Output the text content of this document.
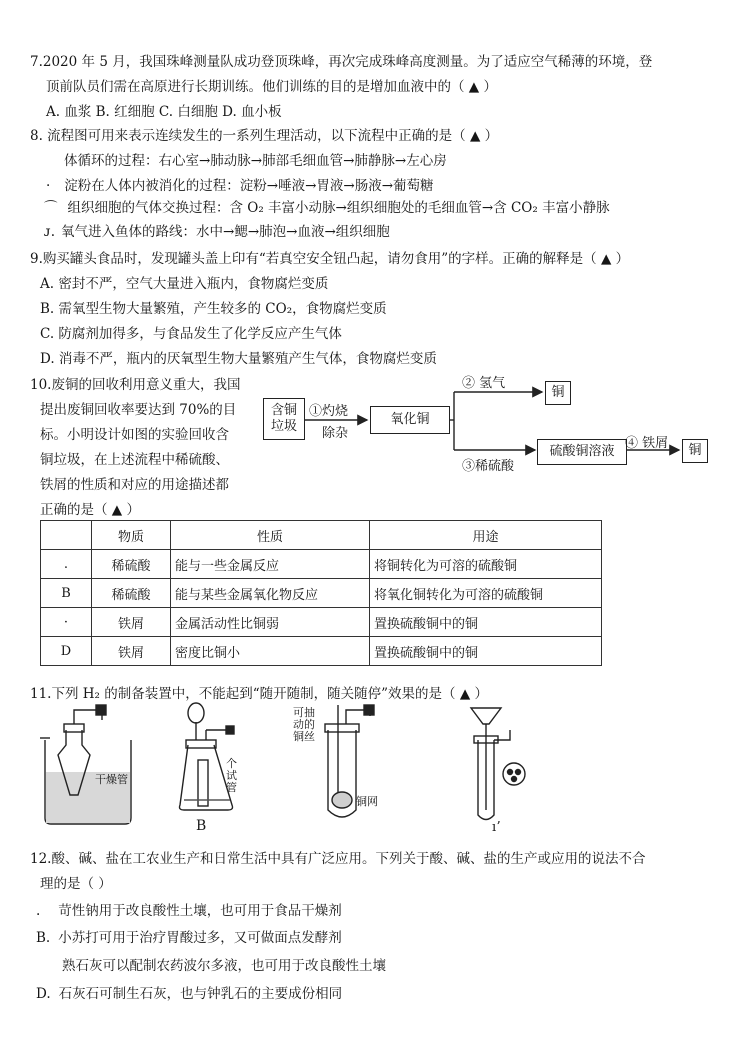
7.2020 年 5 月，我国珠峰测量队成功登顶珠峰，再次完成珠峰高度测量。为了适应空气稀薄的环境，登
顶前队员们需在高原进行长期训练。他们训练的目的是增加血液中的（ ▲ ）
A. 血浆 B. 红细胞 C. 白细胞 D. 血小板
8. 流程图可用来表示连续发生的一系列生理活动，以下流程中正确的是（ ▲ ）
体循环的过程：右心室→肺动脉→肺部毛细血管→肺静脉→左心房
· 淀粉在人体内被消化的过程：淀粉→唾液→胃液→肠液→葡萄糖
⌒ 组织细胞的气体交换过程：含 O₂ 丰富小动脉→组织细胞处的毛细血管→含 CO₂ 丰富小静脉
ᴊ. 氧气进入鱼体的路线：水中→鳃→肺泡→血液→组织细胞
9.购买罐头食品时，发现罐头盖上印有“若真空安全钮凸起，请勿食用”的字样。正确的解释是（ ▲ ）
A. 密封不严，空气大量进入瓶内，食物腐烂变质
B. 需氧型生物大量繁殖，产生较多的 CO₂，食物腐烂变质
C. 防腐剂加得多，与食品发生了化学反应产生气体
D. 消毒不严，瓶内的厌氧型生物大量繁殖产生气体，食物腐烂变质
10.废铜的回收利用意义重大，我国
提出废铜回收率要达到 70%的目
标。小明设计如图的实验回收含
铜垃圾，在上述流程中稀硫酸、
铁屑的性质和对应的用途描述都
正确的是（ ▲ ）
含铜
垃圾
①灼烧
除杂
氧化铜
② 氢气
铜
③稀硫酸
硫酸铜溶液
④ 铁屑	铜
	物质	性质	用途
.	稀硫酸	能与一些金属反应	将铜转化为可溶的硫酸铜
B	稀硫酸	能与某些金属氧化物反应	将氧化铜转化为可溶的硫酸铜
·	铁屑	金属活动性比铜弱	置换硫酸铜中的铜
D	铁屑	密度比铜小	置换硫酸铜中的铜
11.下列 H₂ 的制备装置中，不能起到“随开随制，随关随停”效果的是（ ▲ ）
干燥管
个
试
管
可抽
动的
铜丝
铜网
B	ıʼ
12.酸、碱、盐在工农业生产和日常生活中具有广泛应用。下列关于酸、碱、盐的生产或应用的说法不合
理的是（ ）
. 苛性钠用于改良酸性土壤，也可用于食品干燥剂
B. 小苏打可用于治疗胃酸过多，又可做面点发酵剂
熟石灰可以配制农药波尔多液，也可用于改良酸性土壤
D. 石灰石可制生石灰，也与钟乳石的主要成份相同
